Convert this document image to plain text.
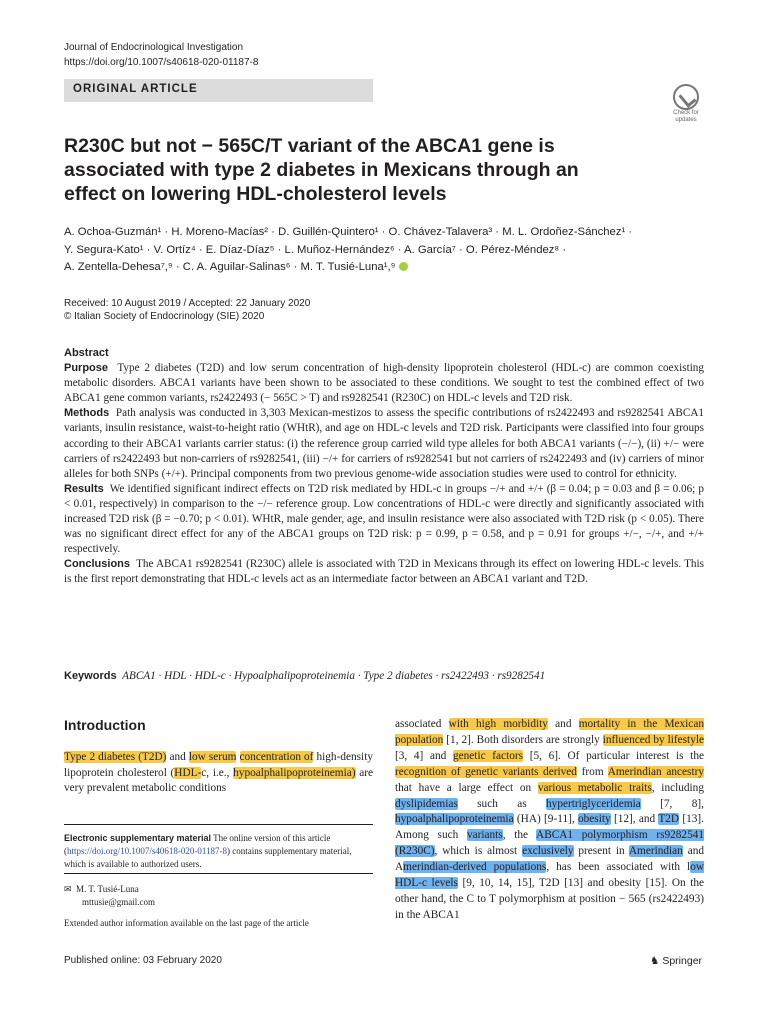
Journal of Endocrinological Investigation
https://doi.org/10.1007/s40618-020-01187-8
ORIGINAL ARTICLE
Check for
updates
R230C but not − 565C/T variant of the ABCA1 gene is associated with type 2 diabetes in Mexicans through an effect on lowering HDL-cholesterol levels
A. Ochoa-Guzmán¹ · H. Moreno-Macías² · D. Guillén-Quintero¹ · O. Chávez-Talavera³ · M. L. Ordoñez-Sánchez¹ ·
Y. Segura-Kato¹ · V. Ortíz⁴ · E. Díaz-Díaz⁵ · L. Muñoz-Hernández⁶ · A. García⁷ · O. Pérez-Méndez⁸ ·
A. Zentella-Dehesa⁷,⁹ · C. A. Aguilar-Salinas⁶ · M. T. Tusié-Luna¹,⁹
Received: 10 August 2019 / Accepted: 22 January 2020
© Italian Society of Endocrinology (SIE) 2020

Abstract

Purpose Type 2 diabetes (T2D) and low serum concentration of high-density lipoprotein cholesterol (HDL-c) are common coexisting metabolic disorders. ABCA1 variants have been shown to be associated to these conditions. We sought to test the combined effect of two ABCA1 gene common variants, rs2422493 (− 565C > T) and rs9282541 (R230C) on HDL-c levels and T2D risk.

Methods Path analysis was conducted in 3,303 Mexican-mestizos to assess the specific contributions of rs2422493 and rs9282541 ABCA1 variants, insulin resistance, waist-to-height ratio (WHtR), and age on HDL-c levels and T2D risk. Participants were classified into four groups according to their ABCA1 variants carrier status: (i) the reference group carried wild type alleles for both ABCA1 variants (−/−), (ii) +/− were carriers of rs2422493 but non-carriers of rs9282541, (iii) −/+ for carriers of rs9282541 but not carriers of rs2422493 and (iv) carriers of minor alleles for both SNPs (+/+). Principal components from two previous genome-wide association studies were used to control for ethnicity.

Results We identified significant indirect effects on T2D risk mediated by HDL-c in groups −/+ and +/+ (β = 0.04; p = 0.03 and β = 0.06; p < 0.01, respectively) in comparison to the −/− reference group. Low concentrations of HDL-c were directly and significantly associated with increased T2D risk (β = −0.70; p < 0.01). WHtR, male gender, age, and insulin resistance were also associated with T2D risk (p < 0.05). There was no significant direct effect for any of the ABCA1 groups on T2D risk: p = 0.99, p = 0.58, and p = 0.91 for groups +/−, −/+, and +/+ respectively.

Conclusions The ABCA1 rs9282541 (R230C) allele is associated with T2D in Mexicans through its effect on lowering HDL-c levels. This is the first report demonstrating that HDL-c levels act as an intermediate factor between an ABCA1 variant and T2D.

Keywords ABCA1 · HDL · HDL-c · Hypoalphalipoproteinemia · Type 2 diabetes · rs2422493 · rs9282541
Introduction
Type 2 diabetes (T2D) and low serum concentration of high-density lipoprotein cholesterol (HDL-c, i.e., hypoalphalipoproteinemia) are very prevalent metabolic conditions
Electronic supplementary material The online version of this article (https://doi.org/10.1007/s40618-020-01187-8) contains supplementary material, which is available to authorized users.
✉  M. T. Tusié-Luna
mttusie@gmail.com
Extended author information available on the last page of the article
associated with high morbidity and mortality in the Mexican population [1, 2]. Both disorders are strongly influenced by lifestyle [3, 4] and genetic factors [5, 6]. Of particular interest is the recognition of genetic variants derived from Amerindian ancestry that have a large effect on various metabolic traits, including dyslipidemias such as hypertriglyceridemia [7, 8], hypoalphalipoproteinemia (HA) [9-11], obesity [12], and T2D [13]. Among such variants, the ABCA1 polymorphism rs9282541 (R230C), which is almost exclusively present in Amerindian and Amerindian-derived populations, has been associated with low HDL-c levels [9, 10, 14, 15], T2D [13] and obesity [15]. On the other hand, the C to T polymorphism at position − 565 (rs2422493) in the ABCA1
Published online: 03 February 2020
♞	Springer
